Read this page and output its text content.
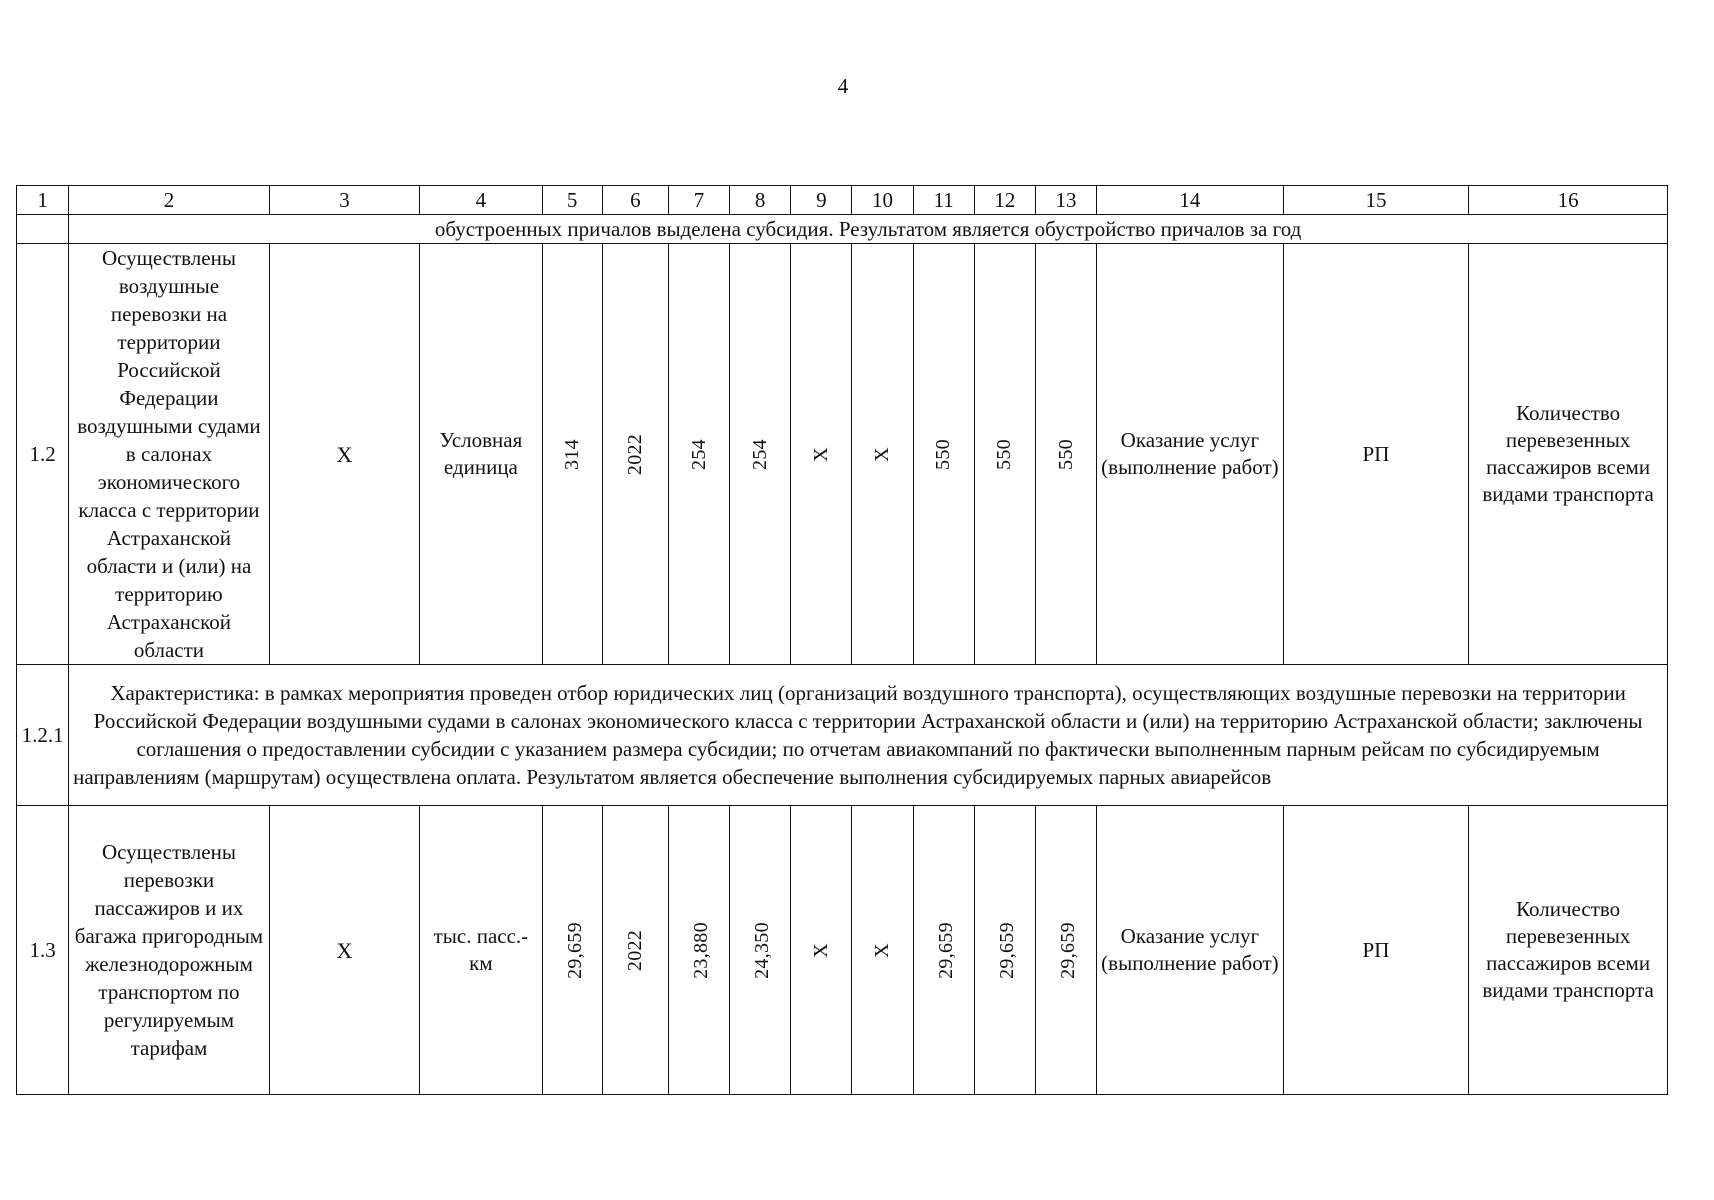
4
1	2	3	4	5	6	7	8	9	10	11	12	13	14	15	16
	обустроенных причалов выделена субсидия. Результатом является обустройство причалов за год														
1.2	Осуществлены воздушные перевозки на территории Российской Федерации воздушными судами в салонах экономического класса с территории Астраханской области и (или) на территорию Астраханской области	X	Условная единица	314	2022	254	254	X	X	550	550	550	Оказание услуг (выполнение работ)	РП	Количество перевезенных пассажиров всеми видами транспорта
1.2.1	Характеристика: в рамках мероприятия проведен отбор юридических лиц (организаций воздушного транспорта), осуществляющих воздушные перевозки на территории Российской Федерации воздушными судами в салонах экономического класса с территории Астраханской области и (или) на территорию Астраханской области; заключены соглашения о предоставлении субсидии с указанием размера субсидии; по отчетам авиакомпаний по фактически выполненным парным рейсам по субсидируемым направлениям (маршрутам) осуществлена оплата. Результатом является обеспечение выполнения субсидируемых парных авиарейсов														
1.3	Осуществлены перевозки пассажиров и их багажа пригородным железнодорожным транспортом по регулируемым тарифам	X	тыс. пасс.-км	29,659	2022	23,880	24,350	X	X	29,659	29,659	29,659	Оказание услуг (выполнение работ)	РП	Количество перевезенных пассажиров всеми видами транспорта
